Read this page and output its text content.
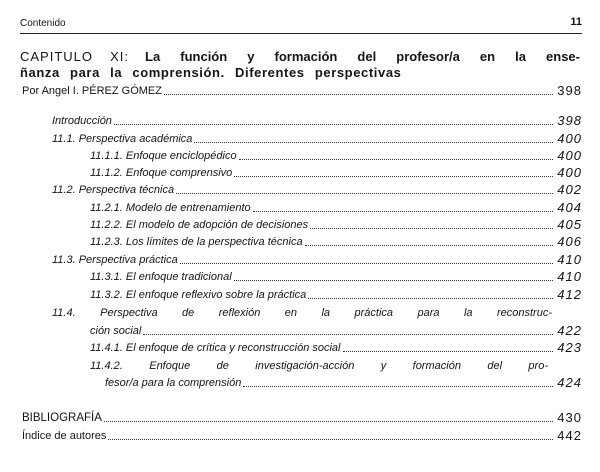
Contenido	11
CAPITULO XI: La función y formación del profesor/a en la ense-
ñanza para la comprensión. Diferentes perspectivas
Por Angel I. PÉREZ GÓMEZ	398
Introducción	398
11.1. Perspectiva académica	400
11.1.1. Enfoque enciclopédico	400
11.1.2. Enfoque comprensivo	400
11.2. Perspectiva técnica	402
11.2.1. Modelo de entrenamiento	404
11.2.2. El modelo de adopción de decisiones	405
11.2.3. Los límites de la perspectiva técnica	406
11.3. Perspectiva práctica	410
11.3.1. El enfoque tradicional	410
11.3.2. El enfoque reflexivo sobre la práctica	412
11.4. Perspectiva de reflexión en la práctica para la reconstruc-
ción social	422
11.4.1. El enfoque de crítica y reconstrucción social	423
11.4.2. Enfoque de investigación-acción y formación del pro-
fesor/a para la comprensión	424
BIBLIOGRAFÍA	430
Índice de autores	442
